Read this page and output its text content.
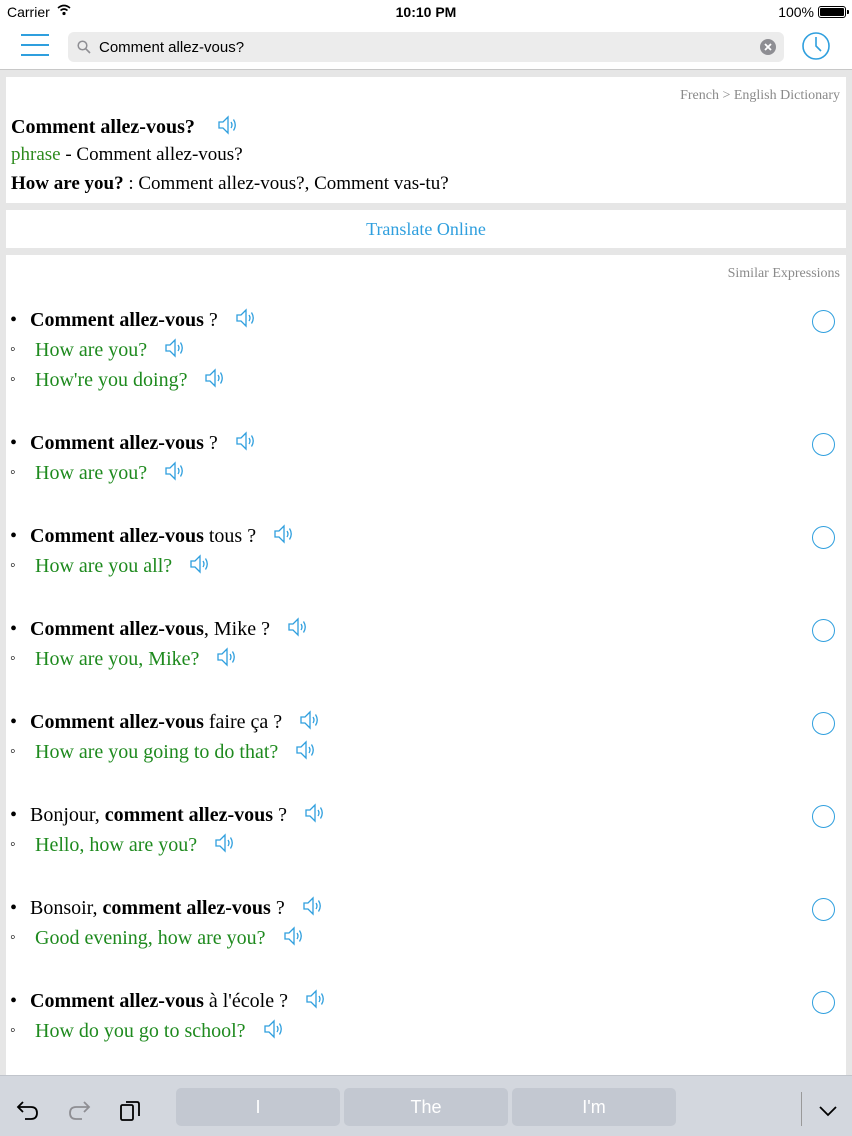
Carrier	10:10 PM	100%
Comment allez-vous?
French > English Dictionary
Comment allez-vous?
phrase - Comment allez-vous?
How are you? : Comment allez-vous?, Comment vas-tu?
Translate Online
Similar Expressions
• Comment allez-vous ?
◦ How are you?
◦ How're you doing?
• Comment allez-vous ?
◦ How are you?
• Comment allez-vous tous ?
◦ How are you all?
• Comment allez-vous, Mike ?
◦ How are you, Mike?
• Comment allez-vous faire ça ?
◦ How are you going to do that?
• Bonjour, comment allez-vous ?
◦ Hello, how are you?
• Bonsoir, comment allez-vous ?
◦ Good evening, how are you?
• Comment allez-vous à l'école ?
◦ How do you go to school?
I	The	I'm
